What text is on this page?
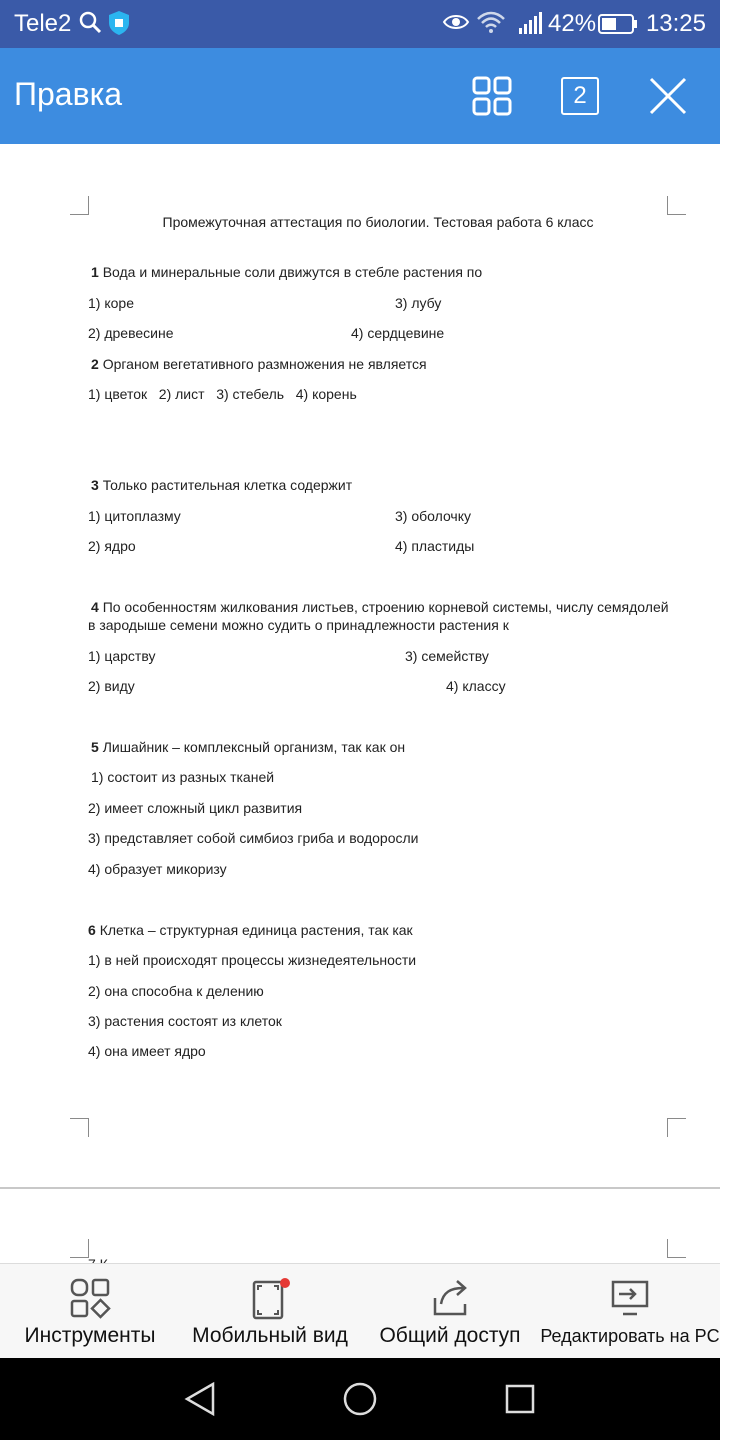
Tele2	42% 13:25
Правка	2
Промежуточная аттестация по биологии. Тестовая работа 6 класс
1 Вода и минеральные соли движутся в стебле растения по
1) коре	3) лубу
2) древесине	4) сердцевине
2 Органом вегетативного размножения не является
1) цветок   2) лист   3) стебель   4) корень
3 Только растительная клетка содержит
1) цитоплазму	3) оболочку
2) ядро	4) пластиды
4 По особенностям жилкования листьев, строению корневой системы, числу семядолей
в зародыше семени можно судить о принадлежности растения к
1) царству	3) семейству
2) виду	4) классу
5 Лишайник – комплексный организм, так как он
1) состоит из разных тканей
2) имеет сложный цикл развития
3) представляет собой симбиоз гриба и водоросли
4) образует микоризу
6 Клетка – структурная единица растения, так как
1) в ней происходят процессы жизнедеятельности
2) она способна к делению
3) растения состоят из клеток
4) она имеет ядро
Инструменты	Мобильный вид	Общий доступ	Редактировать на PC
